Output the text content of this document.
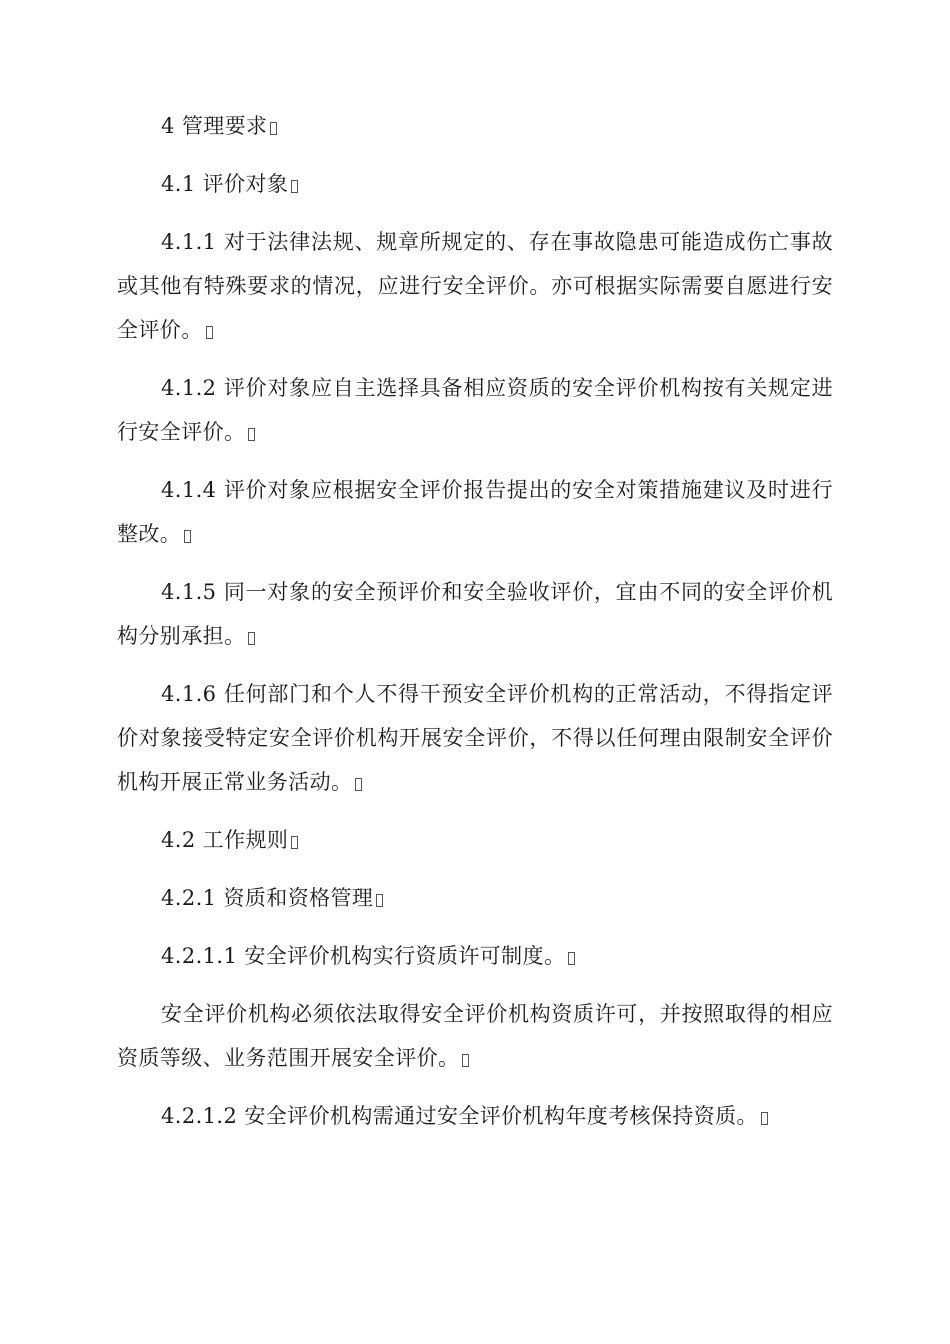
4 管理要求

4.1 评价对象

4.1.1 对于法律法规、规章所规定的、存在事故隐患可能造成伤亡事故或其他有特殊要求的情况，应进行安全评价。亦可根据实际需要自愿进行安全评价。

4.1.2 评价对象应自主选择具备相应资质的安全评价机构按有关规定进行安全评价。

4.1.4 评价对象应根据安全评价报告提出的安全对策措施建议及时进行整改。

4.1.5 同一对象的安全预评价和安全验收评价，宜由不同的安全评价机构分别承担。

4.1.6 任何部门和个人不得干预安全评价机构的正常活动，不得指定评价对象接受特定安全评价机构开展安全评价，不得以任何理由限制安全评价机构开展正常业务活动。

4.2 工作规则

4.2.1 资质和资格管理

4.2.1.1 安全评价机构实行资质许可制度。

安全评价机构必须依法取得安全评价机构资质许可，并按照取得的相应资质等级、业务范围开展安全评价。

4.2.1.2 安全评价机构需通过安全评价机构年度考核保持资质。
